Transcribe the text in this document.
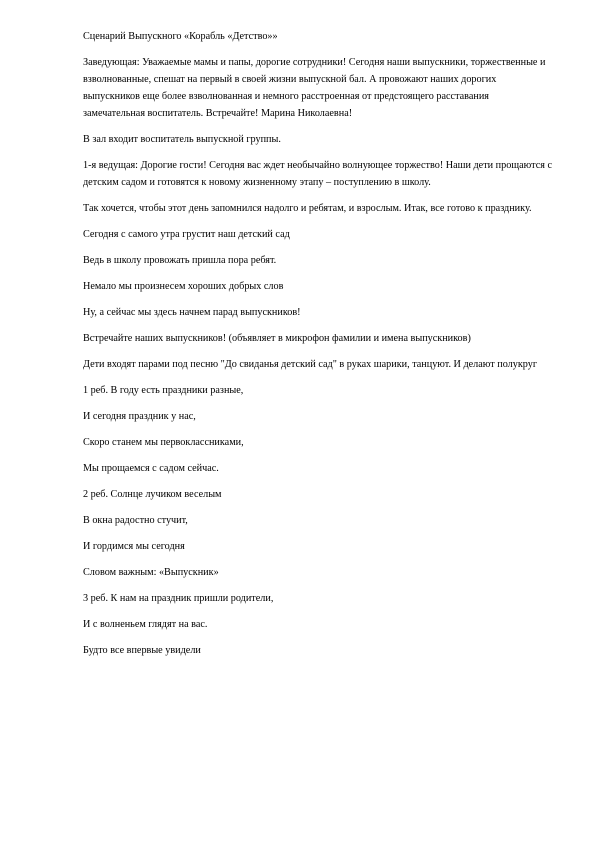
Сценарий Выпускного «Корабль «Детство»»

Заведующая: Уважаемые мамы и папы, дорогие сотрудники! Сегодня наши выпускники, торжественные и взволнованные, спешат на первый в своей жизни выпускной бал. А провожают наших дорогих выпускников еще более взволнованная и немного расстроенная от предстоящего расставания замечательная воспитатель. Встречайте! Марина Николаевна!

В зал входит воспитатель выпускной группы.

1-я ведущая: Дорогие гости! Сегодня вас ждет необычайно волнующее торжество! Наши дети прощаются с детским садом и готовятся к новому жизненному этапу – поступлению в школу.

Так хочется, чтобы этот день запомнился надолго и ребятам, и взрослым. Итак, все готово к празднику.

Сегодня с самого утра грустит наш детский сад

Ведь в школу провожать пришла пора ребят.

Немало мы произнесем хороших добрых слов

Ну, а сейчас мы здесь начнем парад выпускников!

Встречайте наших выпускников! (объявляет в микрофон фамилии и имена выпускников)

Дети входят парами под песню "До свиданья детский сад" в руках шарики, танцуют. И делают полукруг

1 реб. В году есть праздники разные,

И сегодня праздник у нас,

Скоро станем мы первоклассниками,

Мы прощаемся с садом сейчас.

2 реб. Солнце лучиком веселым

В окна радостно стучит,

И гордимся мы сегодня

Словом важным: «Выпускник»

3 реб. К нам на праздник пришли родители,

И с волненьем глядят на вас.

Будто все впервые увидели
